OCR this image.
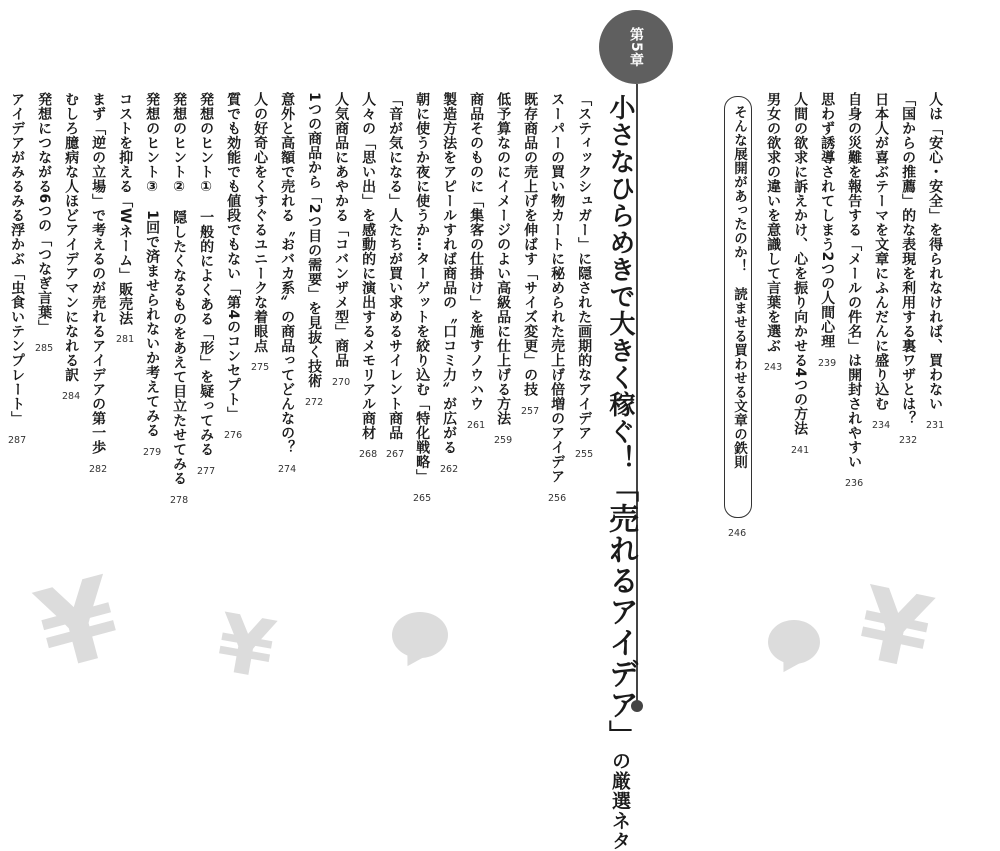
人は「安心・安全」を得られなければ、買わない231
「国からの推薦」的な表現を利用する裏ワザとは？232
日本人が喜ぶテーマを文章にふんだんに盛り込む234
自身の災難を報告する「メールの件名」は開封されやすい236
思わず誘導されてしまう2つの人間心理239
人間の欲求に訴えかけ、心を振り向かせる4つの方法241
男女の欲求の違いを意識して言葉を選ぶ243
そんな展開があったのか！　読ませる買わせる文章の鉄則
246
第5章
小さなひらめきで大きく稼ぐ！「売れるアイデア」の厳選ネタ
「スティックシュガー」に隠された画期的なアイデア255
スーパーの買い物カートに秘められた売上げ倍増のアイデア256
既存商品の売上げを伸ばす「サイズ変更」の技257
低予算なのにイメージのよい高級品に仕上げる方法259
商品そのものに「集客の仕掛け」を施すノウハウ261
製造方法をアピールすれば商品の〝口コミ力〟が広がる262
朝に使うか夜に使うか…ターゲットを絞り込む「特化戦略」265
「音が気になる」人たちが買い求めるサイレント商品267
人々の「思い出」を感動的に演出するメモリアル商材268
人気商品にあやかる「コバンザメ型」商品270
1つの商品から「2つ目の需要」を見抜く技術272
意外と高額で売れる〝おバカ系〟の商品ってどんなの？274
人の好奇心をくすぐるユニークな着眼点275
質でも効能でも値段でもない「第4のコンセプト」276
発想のヒント①　一般的によくある「形」を疑ってみる277
発想のヒント②　隠したくなるものをあえて目立たせてみる278
発想のヒント③　1回で済ませられないか考えてみる279
コストを抑える「Wネーム」販売法281
まず「逆の立場」で考えるのが売れるアイデアの第一歩282
むしろ臆病な人ほどアイデアマンになれる訳284
発想につながる6つの「つなぎ言葉」285
アイデアがみるみる浮かぶ「虫食いテンプレート」287
¥ ¥	¥
